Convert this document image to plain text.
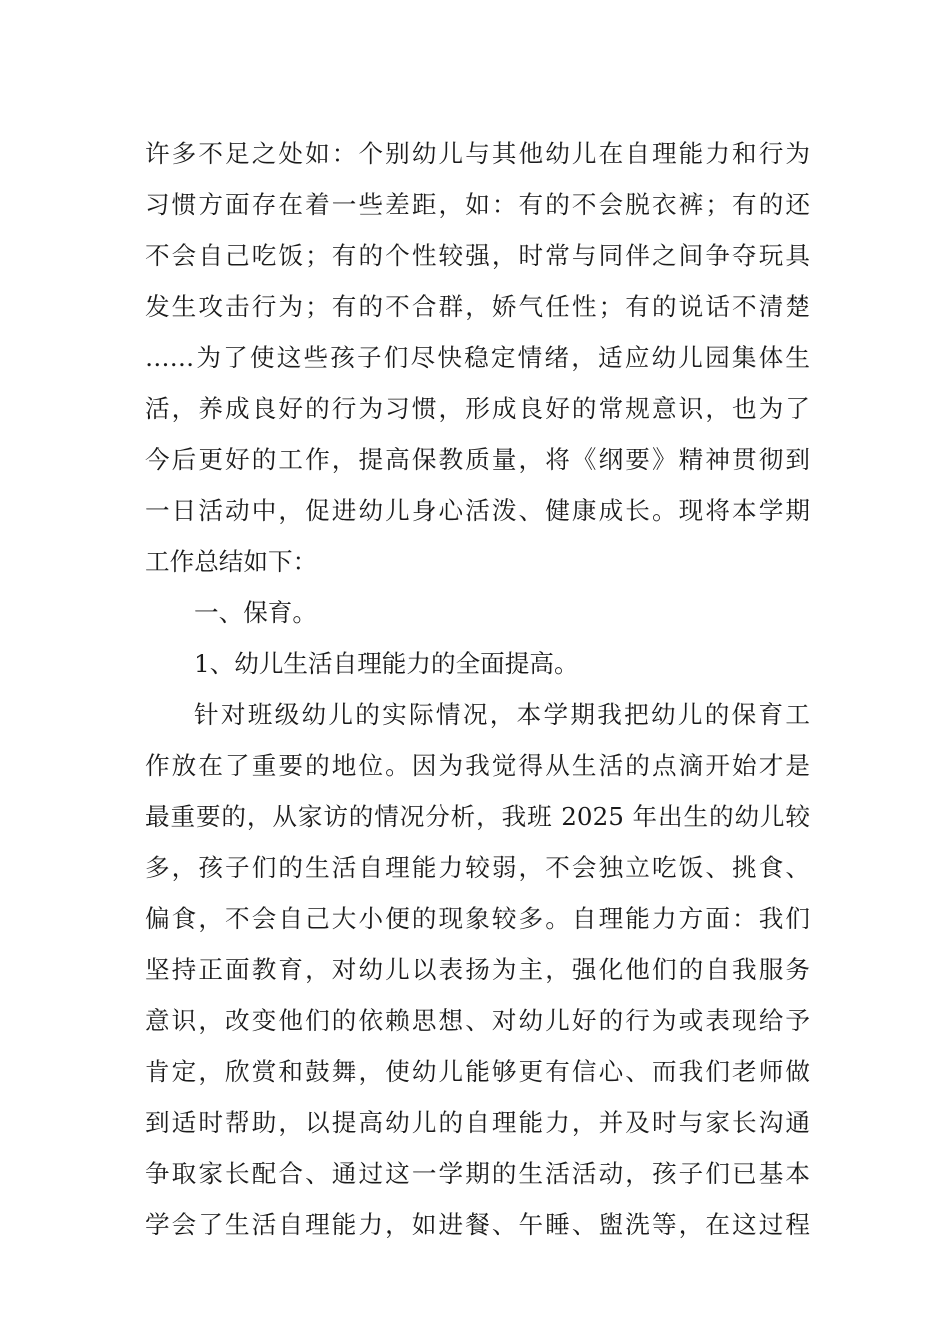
许多不足之处如：个别幼儿与其他幼儿在自理能力和行为
习惯方面存在着一些差距，如：有的不会脱衣裤；有的还
不会自己吃饭；有的个性较强，时常与同伴之间争夺玩具
发生攻击行为；有的不合群，娇气任性；有的说话不清楚
……为了使这些孩子们尽快稳定情绪，适应幼儿园集体生
活，养成良好的行为习惯，形成良好的常规意识，也为了
今后更好的工作，提高保教质量，将《纲要》精神贯彻到
一日活动中，促进幼儿身心活泼、健康成长。现将本学期
工作总结如下：
一、保育。
1、幼儿生活自理能力的全面提高。
针对班级幼儿的实际情况，本学期我把幼儿的保育工
作放在了重要的地位。因为我觉得从生活的点滴开始才是
最重要的，从家访的情况分析，我班 2025 年出生的幼儿较
多，孩子们的生活自理能力较弱，不会独立吃饭、挑食、
偏食，不会自己大小便的现象较多。自理能力方面：我们
坚持正面教育，对幼儿以表扬为主，强化他们的自我服务
意识，改变他们的依赖思想、对幼儿好的行为或表现给予
肯定，欣赏和鼓舞，使幼儿能够更有信心、而我们老师做
到适时帮助，以提高幼儿的自理能力，并及时与家长沟通
争取家长配合、通过这一学期的生活活动，孩子们已基本
学会了生活自理能力，如进餐、午睡、盥洗等，在这过程
